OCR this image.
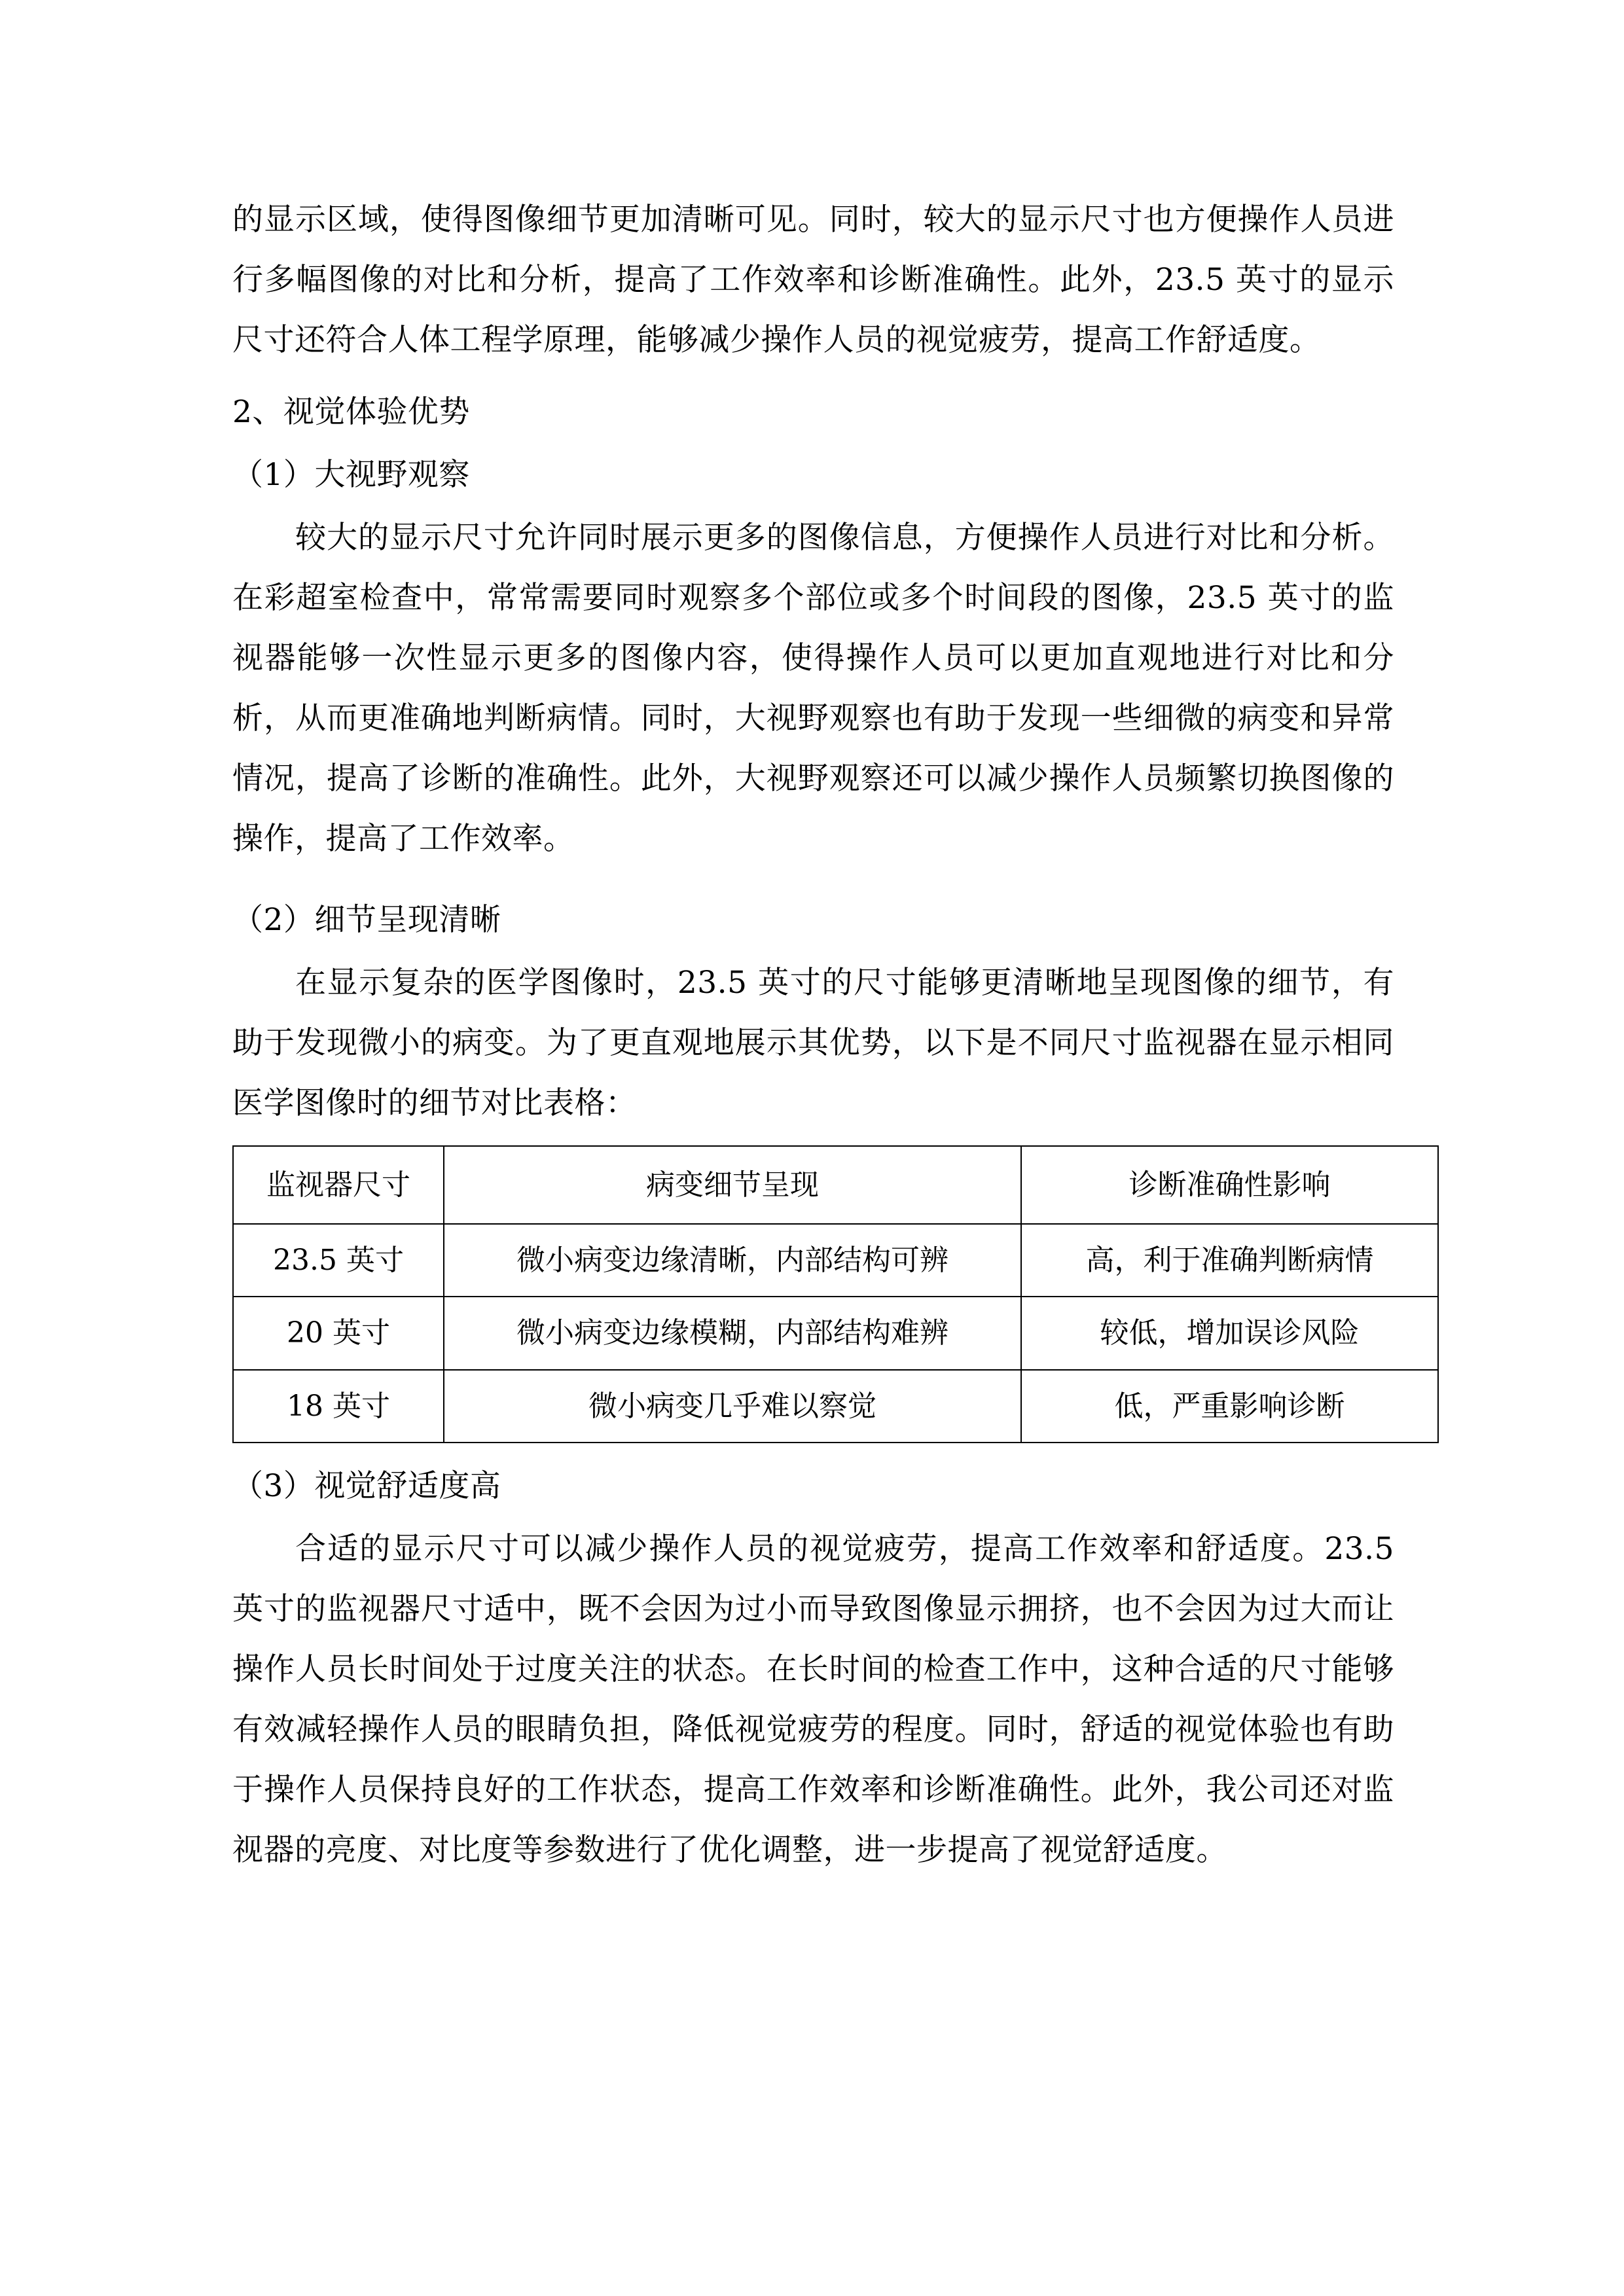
的显示区域，使得图像细节更加清晰可见。同时，较大的显示尺寸也方便操作人员进行多幅图像的对比和分析，提高了工作效率和诊断准确性。此外，23.5 英寸的显示尺寸还符合人体工程学原理，能够减少操作人员的视觉疲劳，提高工作舒适度。

2、视觉体验优势

（1）大视野观察

较大的显示尺寸允许同时展示更多的图像信息，方便操作人员进行对比和分析。在彩超室检查中，常常需要同时观察多个部位或多个时间段的图像，23.5 英寸的监视器能够一次性显示更多的图像内容，使得操作人员可以更加直观地进行对比和分析，从而更准确地判断病情。同时，大视野观察也有助于发现一些细微的病变和异常情况，提高了诊断的准确性。此外，大视野观察还可以减少操作人员频繁切换图像的操作，提高了工作效率。

（2）细节呈现清晰

在显示复杂的医学图像时，23.5 英寸的尺寸能够更清晰地呈现图像的细节，有助于发现微小的病变。为了更直观地展示其优势，以下是不同尺寸监视器在显示相同医学图像时的细节对比表格：

监视器尺寸	病变细节呈现	诊断准确性影响
23.5 英寸	微小病变边缘清晰，内部结构可辨	高，利于准确判断病情
20 英寸	微小病变边缘模糊，内部结构难辨	较低，增加误诊风险
18 英寸	微小病变几乎难以察觉	低，严重影响诊断

（3）视觉舒适度高

合适的显示尺寸可以减少操作人员的视觉疲劳，提高工作效率和舒适度。23.5 英寸的监视器尺寸适中，既不会因为过小而导致图像显示拥挤，也不会因为过大而让操作人员长时间处于过度关注的状态。在长时间的检查工作中，这种合适的尺寸能够有效减轻操作人员的眼睛负担，降低视觉疲劳的程度。同时，舒适的视觉体验也有助于操作人员保持良好的工作状态，提高工作效率和诊断准确性。此外，我公司还对监视器的亮度、对比度等参数进行了优化调整，进一步提高了视觉舒适度。
